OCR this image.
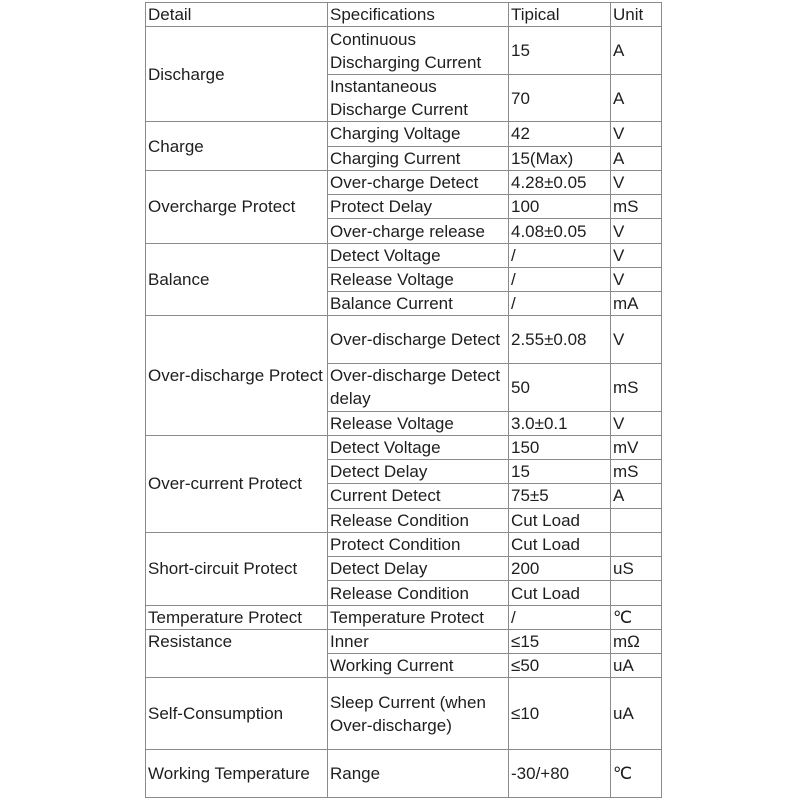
Detail	Specifications	Tipical	Unit
Discharge	Continuous Discharging Current	15	A
	Instantaneous Discharge Current	70	A
Charge	Charging Voltage	42	V
	Charging Current	15(Max)	A
Overcharge Protect	Over-charge Detect	4.28±0.05	V
	Protect Delay	100	mS
	Over-charge release	4.08±0.05	V
Balance	Detect Voltage	/	V
	Release Voltage	/	V
	Balance Current	/	mA
Over-discharge Protect	Over-discharge Detect	2.55±0.08	V
	Over-discharge Detect delay	50	mS
	Release Voltage	3.0±0.1	V
Over-current Protect	Detect Voltage	150	mV
	Detect Delay	15	mS
	Current Detect	75±5	A
	Release Condition	Cut Load	
Short-circuit Protect	Protect Condition	Cut Load	
	Detect Delay	200	uS
	Release Condition	Cut Load	
Temperature Protect	Temperature Protect	/	℃
Resistance	Inner	≤15	mΩ
	Working Current	≤50	uA
Self-Consumption	Sleep Current (when Over-discharge)	≤10	uA
Working Temperature	Range	-30/+80	℃
